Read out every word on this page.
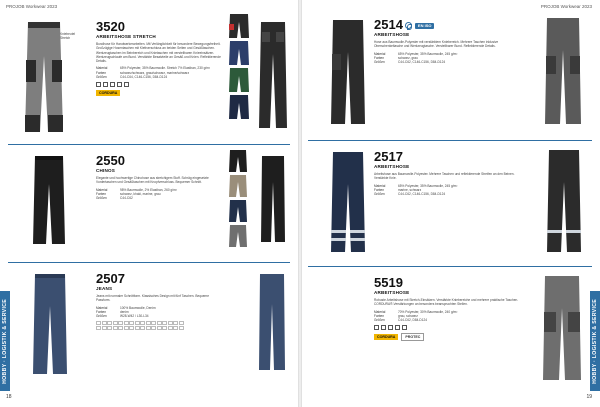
PROJOB Workwear 2023
Kniebeutel Stretch
3520
ARBEITSHOSE STRETCH
Bundhose für Handwerkerarbeiten. Mit Verlänglichkeit für besondere Bewegungsfreiheit. Großzügige Hosentaschen mit Klettverschluss an beiden Seiten und Gesäßtaschen. Werkzeugtaschen im Beinbereich und Knietaschen mit verstellbaren Knieeinsätzen. Werkzeugschlaufe am Bund. Verstärkte Besatzteile an Gesäß und Knien. Reflektierende Details.
Material	65% Polyester, 35% Baumwolle. Stretch 7% Elasthan, 230 g/m²
Farben	schwarz/schwarz, grau/schwarz, marine/schwarz
Größen	C44-C64, C146-C156, D84-D124
CORDURA
2550
CHINOS
Elegante und hochwertige Chinohose aus stretchigem Stoff. Schräg eingesetzte Vordertaschen und Gesäßtaschen mit Knopfverschluss. Bequemer Schnitt.
Material	98% Baumwolle, 2% Elasthan, 260 g/m²
Farben	schwarz, khaki, marine, grau
Größen	C44-C62
2507
JEANS
Jeans mit normaler Schnittform. Klassisches Design mit fünf Taschen. Bequeme Passform.
Material	100% Baumwolle, Denim
Farben	denim
Größen	W28-W42 / L30-L34
HOBBY · LOGISTIK & SERVICE
18
PROJOB Workwear 2023
2514	EN ISO
ARBEITSHOSE
Hose aus Baumwolle-Polyester mit verstärktem Kniebereich. Mehrere Taschen inklusive Oberschenkeltasche und Werkzeugtasche. Verstellbarer Bund. Reflektierende Details.
Material	65% Polyester, 35% Baumwolle, 245 g/m²
Farben	schwarz, grau
Größen	C44-C62, C146-C156, D84-D124
2517
ARBEITSHOSE
Arbeitshose aus Baumwolle-Polyester. Mehrere Taschen und reflektierende Streifen an den Beinen. Verstärkte Knie.
Material	65% Polyester, 35% Baumwolle, 245 g/m²
Farben	marine, schwarz
Größen	C44-C62, C146-C156, D84-D124
5519
ARBEITSHOSE
Robuste Arbeitshose mit Stretch-Einsätzen. Verstärkte Kniebereiche und mehrere praktische Taschen. CORDURA®-Verstärkungen an besonders beanspruchten Stellen.
Material	70% Polyester, 30% Baumwolle, 240 g/m²
Farben	grau, schwarz
Größen	C44-C62, D84-D124
CORDURA	PROTEC	HOBBY · LOGISTIK & SERVICE
19
